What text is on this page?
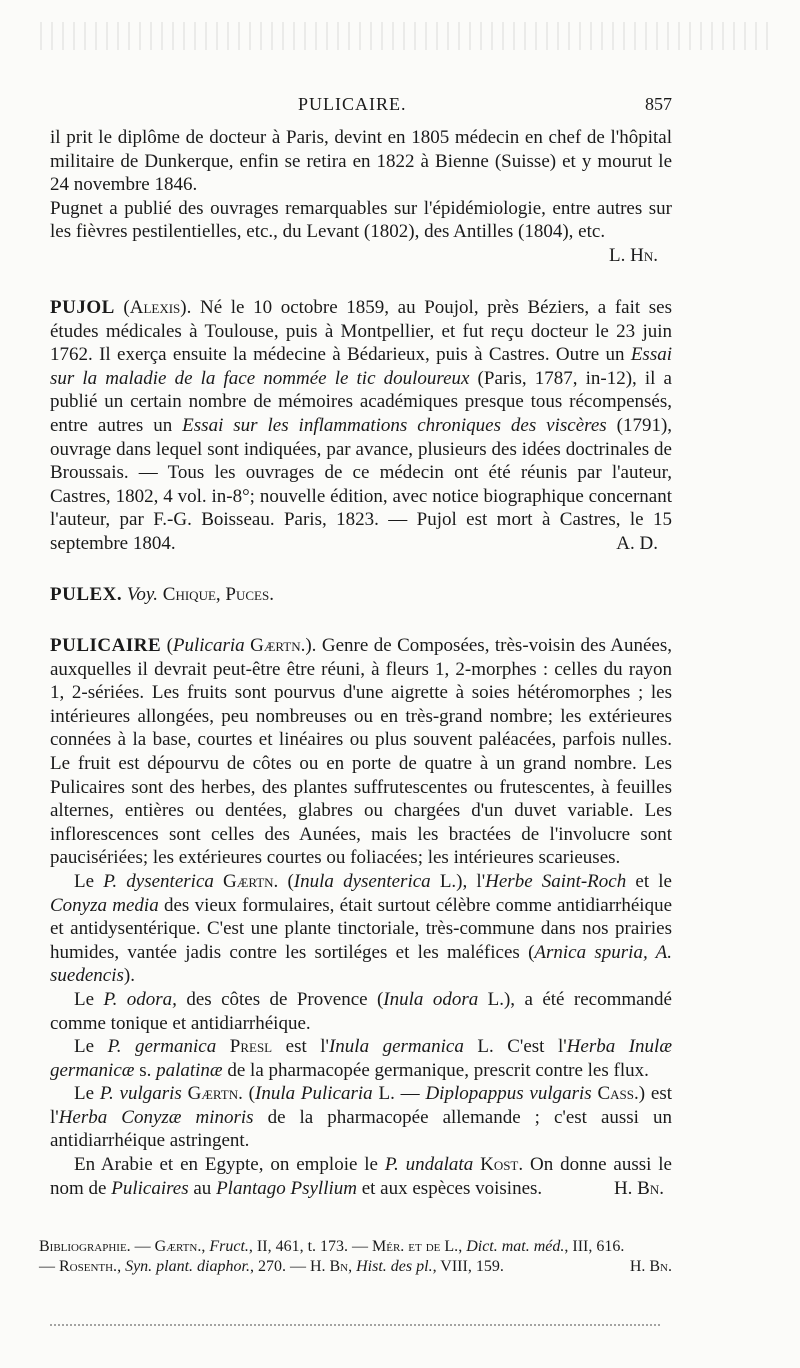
PULICAIRE.	857

il prit le diplôme de docteur à Paris, devint en 1805 médecin en chef de l'hôpital militaire de Dunkerque, enfin se retira en 1822 à Bienne (Suisse) et y mourut le 24 novembre 1846.

Pugnet a publié des ouvrages remarquables sur l'épidémiologie, entre autres sur les fièvres pestilentielles, etc., du Levant (1802), des Antilles (1804), etc.

L. Hn.

PUJOL (Alexis). Né le 10 octobre 1859, au Poujol, près Béziers, a fait ses études médicales à Toulouse, puis à Montpellier, et fut reçu docteur le 23 juin 1762. Il exerça ensuite la médecine à Bédarieux, puis à Castres. Outre un Essai sur la maladie de la face nommée le tic douloureux (Paris, 1787, in-12), il a publié un certain nombre de mémoires académiques presque tous récompensés, entre autres un Essai sur les inflammations chroniques des viscères (1791), ouvrage dans lequel sont indiquées, par avance, plusieurs des idées doctrinales de Broussais. — Tous les ouvrages de ce médecin ont été réunis par l'auteur, Castres, 1802, 4 vol. in-8°; nouvelle édition, avec notice biographique concernant l'auteur, par F.-G. Boisseau. Paris, 1823. — Pujol est mort à Castres, le 15 septembre 1804.	A. D.

PULEX. Voy. Chique, Puces.

PULICAIRE (Pulicaria Gærtn.). Genre de Composées, très-voisin des Aunées, auxquelles il devrait peut-être être réuni, à fleurs 1, 2-morphes : celles du rayon 1, 2-sériées. Les fruits sont pourvus d'une aigrette à soies hétéromorphes ; les intérieures allongées, peu nombreuses ou en très-grand nombre; les extérieures connées à la base, courtes et linéaires ou plus souvent paléacées, parfois nulles. Le fruit est dépourvu de côtes ou en porte de quatre à un grand nombre. Les Pulicaires sont des herbes, des plantes suffrutescentes ou frutescentes, à feuilles alternes, entières ou dentées, glabres ou chargées d'un duvet variable. Les inflorescences sont celles des Aunées, mais les bractées de l'involucre sont paucisériées; les extérieures courtes ou foliacées; les intérieures scarieuses.

Le P. dysenterica Gærtn. (Inula dysenterica L.), l'Herbe Saint-Roch et le Conyza media des vieux formulaires, était surtout célèbre comme antidiarrhéique et antidysentérique. C'est une plante tinctoriale, très-commune dans nos prairies humides, vantée jadis contre les sortiléges et les maléfices (Arnica spuria, A. suedencis).

Le P. odora, des côtes de Provence (Inula odora L.), a été recommandé comme tonique et antidiarrhéique.

Le P. germanica Presl est l'Inula germanica L. C'est l'Herba Inulæ germanicæ s. palatinæ de la pharmacopée germanique, prescrit contre les flux.

Le P. vulgaris Gærtn. (Inula Pulicaria L. — Diplopappus vulgaris Cass.) est l'Herba Conyzæ minoris de la pharmacopée allemande ; c'est aussi un antidiarrhéique astringent.

En Arabie et en Egypte, on emploie le P. undalata Kost. On donne aussi le nom de Pulicaires au Plantago Psyllium et aux espèces voisines.	H. Bn.
Bibliographie. — Gærtn., Fruct., II, 461, t. 173. — Mér. et de L., Dict. mat. méd., III, 616.
— Rosenth., Syn. plant. diaphor., 270. — H. Bn, Hist. des pl., VIII, 159.	H. Bn.
